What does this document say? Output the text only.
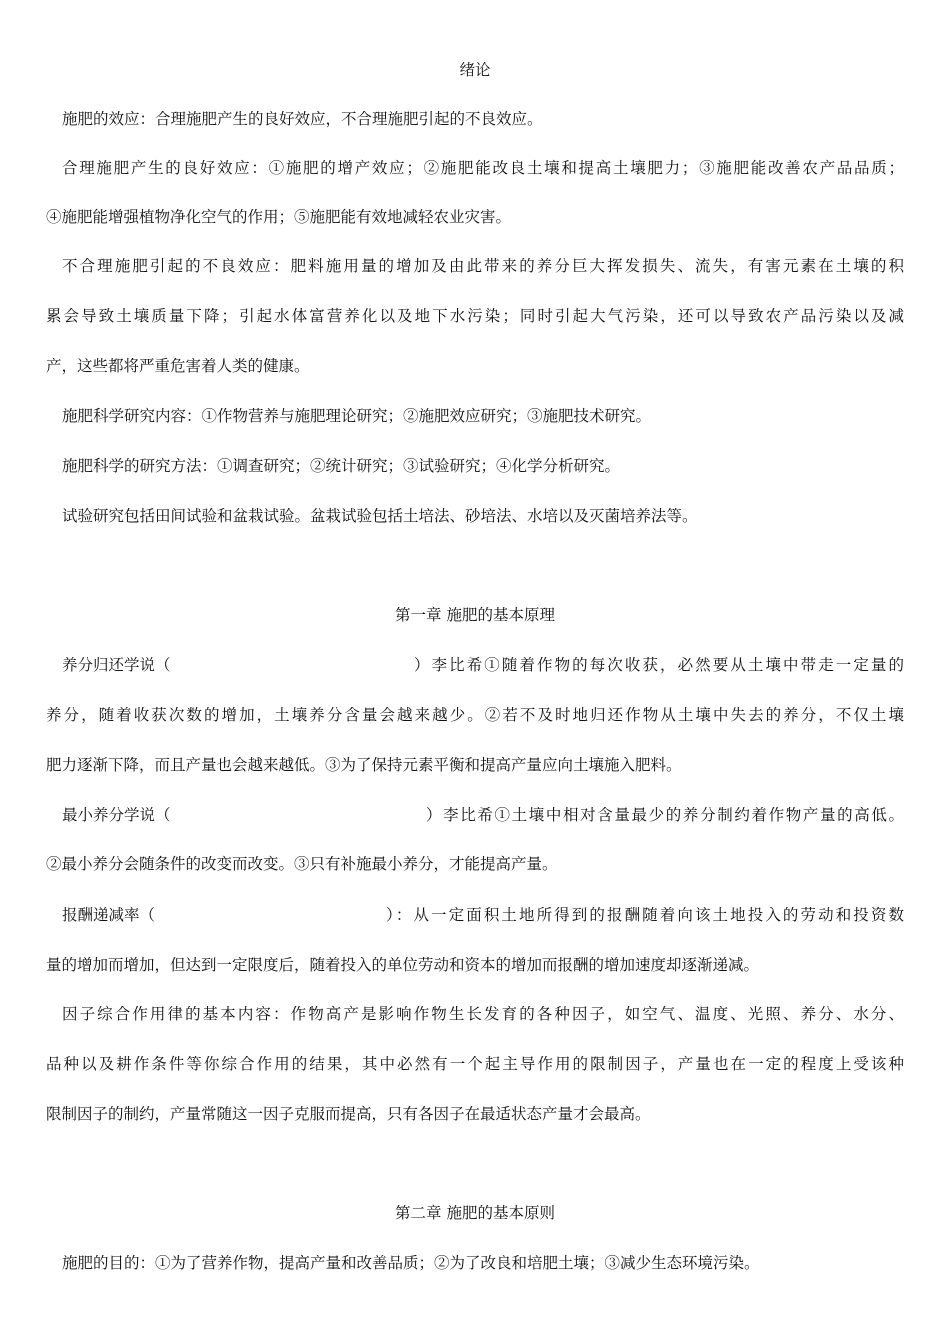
绪论
施肥的效应：合理施肥产生的良好效应，不合理施肥引起的不良效应。
合理施肥产生的良好效应：①施肥的增产效应；②施肥能改良土壤和提高土壤肥力；③施肥能改善农产品品质；
④施肥能增强植物净化空气的作用；⑤施肥能有效地减轻农业灾害。
不合理施肥引起的不良效应：肥料施用量的增加及由此带来的养分巨大挥发损失、流失，有害元素在土壤的积
累会导致土壤质量下降；引起水体富营养化以及地下水污染；同时引起大气污染，还可以导致农产品污染以及减
产，这些都将严重危害着人类的健康。
施肥科学研究内容：①作物营养与施肥理论研究；②施肥效应研究；③施肥技术研究。
施肥科学的研究方法：①调查研究；②统计研究；③试验研究；④化学分析研究。
试验研究包括田间试验和盆栽试验。盆栽试验包括土培法、砂培法、水培以及灭菌培养法等。
第一章 施肥的基本原理
养分归还学说（	）李比希①随着作物的每次收获，必然要从土壤中带走一定量的
养分，随着收获次数的增加，土壤养分含量会越来越少。②若不及时地归还作物从土壤中失去的养分，不仅土壤
肥力逐渐下降，而且产量也会越来越低。③为了保持元素平衡和提高产量应向土壤施入肥料。
最小养分学说（	）李比希①土壤中相对含量最少的养分制约着作物产量的高低。
②最小养分会随条件的改变而改变。③只有补施最小养分，才能提高产量。
报酬递减率（	）：从一定面积土地所得到的报酬随着向该土地投入的劳动和投资数
量的增加而增加，但达到一定限度后，随着投入的单位劳动和资本的增加而报酬的增加速度却逐渐递减。
因子综合作用律的基本内容：作物高产是影响作物生长发育的各种因子，如空气、温度、光照、养分、水分、
品种以及耕作条件等你综合作用的结果，其中必然有一个起主导作用的限制因子，产量也在一定的程度上受该种
限制因子的制约，产量常随这一因子克服而提高，只有各因子在最适状态产量才会最高。
第二章 施肥的基本原则
施肥的目的：①为了营养作物，提高产量和改善品质；②为了改良和培肥土壤；③减少生态环境污染。
